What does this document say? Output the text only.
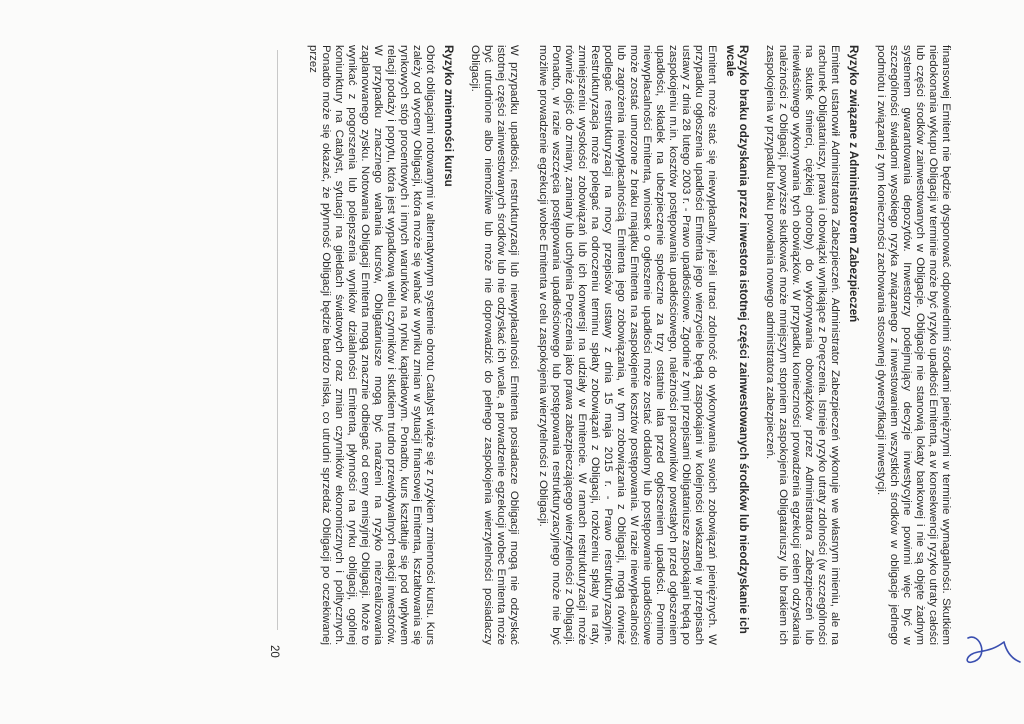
finansowej Emitent nie będzie dysponować odpowiednimi środkami pieniężnymi w terminie wymagalności. Skutkiem niedokonania wykupu Obligacji w terminie może być ryzyko upadłości Emitenta, a w konsekwencji ryzyko utraty całości lub części środków zainwestowanych w Obligacje. Obligacje nie stanowią lokaty bankowej i nie są objęte żadnym systemem gwarantowania depozytów. Inwestorzy podejmujący decyzje inwestycyjne powinni więc być w szczególności świadomi wysokiego ryzyka związanego z inwestowaniem wszystkich środków w obligacje jednego podmiotu i związanej z tym konieczności zachowania stosownej dywersyfikacji inwestycji.

Ryzyko związane z Administratorem Zabezpieczeń

Emitent ustanowił Administratora Zabezpieczeń. Administrator Zabezpieczeń wykonuje we własnym imieniu, ale na rachunek Obligatariuszy, prawa i obowiązki wynikające z Poręczenia. Istnieje ryzyko utraty zdolności (w szczególności na skutek śmierci, ciężkiej choroby) do wykonywania obowiązków przez Administratora Zabezpieczeń lub niewłaściwego wykonywania tych obowiązków. W przypadku konieczności prowadzenia egzekucji celem odzyskania należności z Obligacji, powyższe skutkować może mniejszym stopniem zaspokojenia Obligatariuszy lub brakiem ich zaspokojenia w przypadku braku powołania nowego administratora zabezpieczeń.

Ryzyko braku odzyskania przez inwestora istotnej części zainwestowanych środków lub nieodzyskanie ich wcale

Emitent może stać się niewypłacalny, jeżeli utraci zdolność do wykonywania swoich zobowiązań pieniężnych. W przypadku ogłoszenia upadłości Emitenta jego wierzyciele będą zaspokajani w kolejności wskazanej w przepisach ustawy z dnia 28 lutego 2003 r. - Prawo upadłościowe. Zgodnie z tymi przepisami Obligatariusze zaspokajani będą po zaspokojeniu m.in. kosztów postępowania upadłościowego, należności pracowników powstałych przed ogłoszeniem upadłości, składek na ubezpieczenie społeczne za trzy ostatnie lata przed ogłoszeniem upadłości. Pomimo niewypłacalności Emitenta, wniosek o ogłoszenie upadłości może zostać oddalony lub postępowanie upadłościowe może zostać umorzone z braku majątku Emitenta na zaspokojenie kosztów postępowania. W razie niewypłacalności lub zagrożenia niewypłacalnością Emitenta jego zobowiązania, w tym zobowiązania z Obligacji, mogą również podlegać restrukturyzacji na mocy przepisów ustawy z dnia 15 maja 2015 r. - Prawo restrukturyzacyjne. Restrukturyzacja może polegać na odroczeniu terminu spłaty zobowiązań z Obligacji, rozłożeniu spłaty na raty, zmniejszeniu wysokości zobowiązań lub ich konwersji na udziały w Emitencie. W ramach restrukturyzacji może również dojść do zmiany, zamiany lub uchylenia Poręczenia jako prawa zabezpieczającego wierzytelności z Obligacji. Ponadto, w razie wszczęcia postępowania upadłościowego lub postępowania restrukturyzacyjnego może nie być możliwe prowadzenie egzekucji wobec Emitenta w celu zaspokojenia wierzytelności z Obligacji.

W przypadku upadłości, restrukturyzacji lub niewypłacalności Emitenta posiadacze Obligacji mogą nie odzyskać istotnej części zainwestowanych środków lub nie odzyskać ich wcale, a prowadzenie egzekucji wobec Emitenta może być utrudnione albo niemożliwe lub może nie doprowadzić do pełnego zaspokojenia wierzytelności posiadaczy Obligacji.

Ryzyko zmienności kursu

Obrót obligacjami notowanymi w alternatywnym systemie obrotu Catalyst wiąże się z ryzykiem zmienności kursu. Kurs zależy od wyceny Obligacji, która może się wahać w wyniku zmian w sytuacji finansowej Emitenta, kształtowania się rynkowych stóp procentowych i innych warunków na rynku kapitałowym. Ponadto, kurs kształtuje się pod wpływem relacji podaży i popytu, która jest wypadkową wielu czynników i skutkiem trudno przewidywalnych reakcji inwestorów. W przypadku znacznego wahania kursów, Obligatariusze mogą być narażeni na ryzyko niezrealizowania zaplanowanego zysku. Notowania Obligacji Emitenta mogą znacznie odbiegać od ceny emisyjnej Obligacji. Może to wynikać z pogorszenia lub polepszenia wyników działalności Emitenta, płynności na rynku obligacji, ogólnej koniunktury na Catalyst, sytuacji na giełdach światowych oraz zmian czynników ekonomicznych i politycznych. Ponadto może się okazać, że płynność Obligacji będzie bardzo niska, co utrudni sprzedaż Obligacji po oczekiwanej przez

20
